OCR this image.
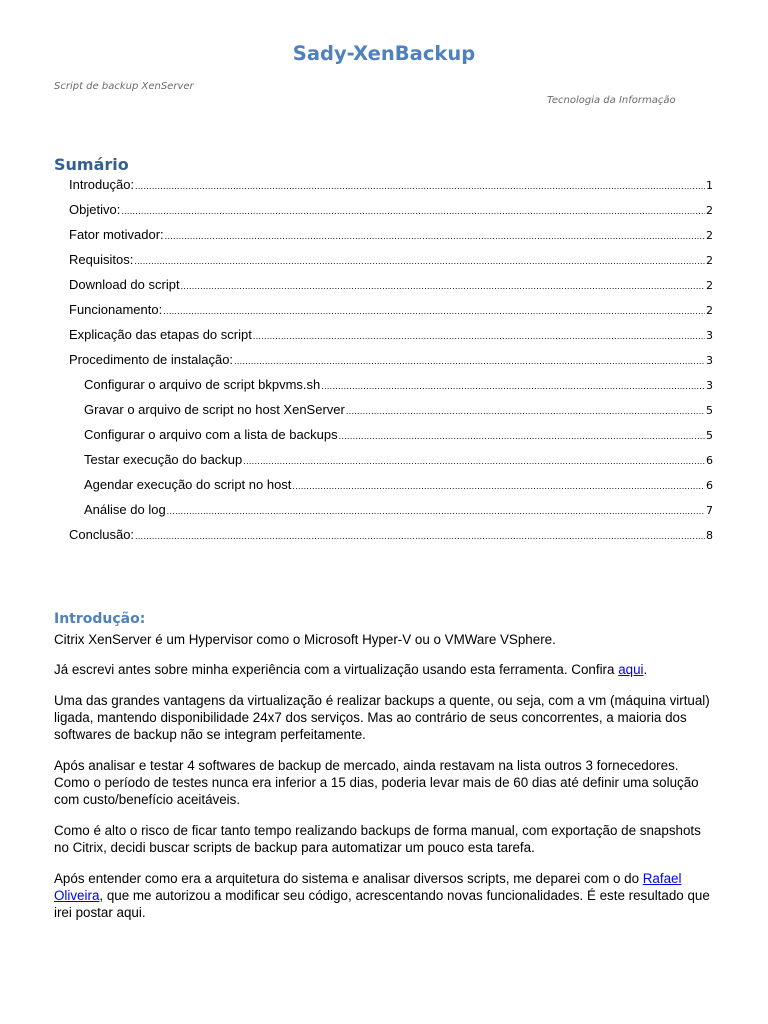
Sady-XenBackup
Script de backup XenServer
Tecnologia da Informação
Sumário
Introdução: .....	1
Objetivo: .....	2
Fator motivador: .....	2
Requisitos: .....	2
Download do script .....	2
Funcionamento: .....	2
Explicação das etapas do script .....	3
Procedimento de instalação: .....	3
Configurar o arquivo de script bkpvms.sh .....	3
Gravar o arquivo de script no host XenServer .....	5
Configurar o arquivo com a lista de backups .....	5
Testar execução do backup .....	6
Agendar execução do script no host .....	6
Análise do log .....	7
Conclusão: .....	8
Introdução:

Citrix XenServer é um Hypervisor como o Microsoft Hyper-V ou o VMWare VSphere.

Já escrevi antes sobre minha experiência com a virtualização usando esta ferramenta. Confira aqui.

Uma das grandes vantagens da virtualização é realizar backups a quente, ou seja, com a vm (máquina virtual) ligada, mantendo disponibilidade 24x7 dos serviços. Mas ao contrário de seus concorrentes, a maioria dos softwares de backup não se integram perfeitamente.

Após analisar e testar 4 softwares de backup de mercado, ainda restavam na lista outros 3 fornecedores. Como o período de testes nunca era inferior a 15 dias, poderia levar mais de 60 dias até definir uma solução com custo/benefício aceitáveis.

Como é alto o risco de ficar tanto tempo realizando backups de forma manual, com exportação de snapshots no Citrix, decidi buscar scripts de backup para automatizar um pouco esta tarefa.

Após entender como era a arquitetura do sistema e analisar diversos scripts, me deparei com o do Rafael Oliveira, que me autorizou a modificar seu código, acrescentando novas funcionalidades. É este resultado que irei postar aqui.
